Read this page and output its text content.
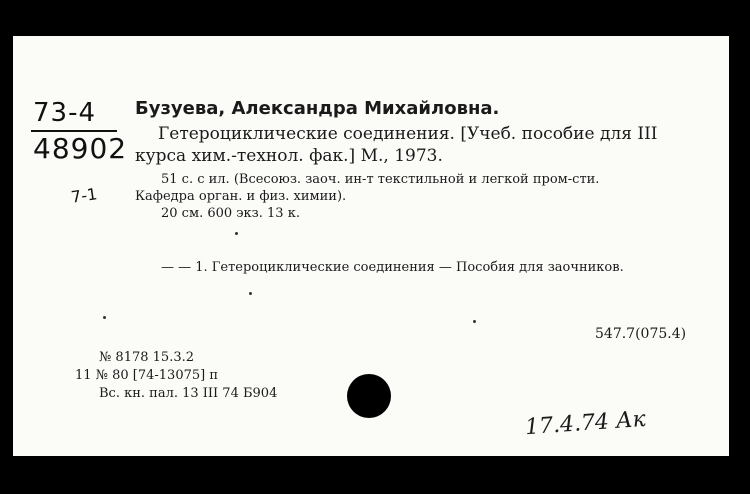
73-4
48902
7-1
Бузуева, Александра Михайловна.
Гетероциклические соединения. [Учеб. пособие для III
курса хим.-технол. фак.] М., 1973.
51 с. с ил. (Всесоюз. заоч. ин-т текстильной и легкой пром-сти.
Кафедра орган. и физ. химии).
20 см. 600 экз. 13 к.
— — 1. Гетероциклические соединения — Пособия для заочников.
547.7(075.4)
№ 8178 15.3.2
11 № 80 [74-13075] п
Вс. кн. пал. 13 III 74 Б904
17.4.74 Ак
